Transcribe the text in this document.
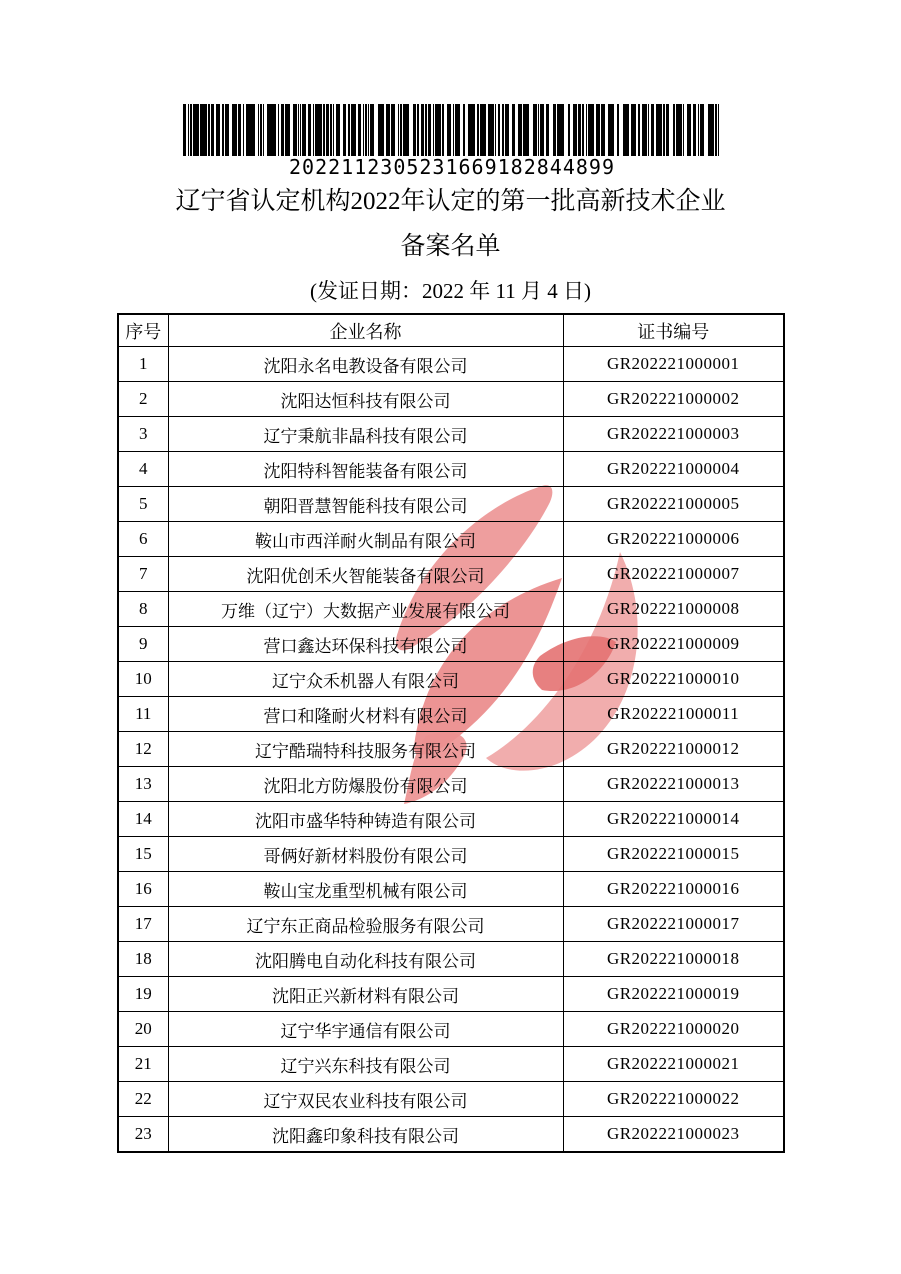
2022112305231669182844899
辽宁省认定机构2022年认定的第一批高新技术企业
备案名单
(发证日期：2022 年 11 月 4 日)
序号	企业名称	证书编号
1	沈阳永名电教设备有限公司	GR202221000001
2	沈阳达恒科技有限公司	GR202221000002
3	辽宁秉航非晶科技有限公司	GR202221000003
4	沈阳特科智能装备有限公司	GR202221000004
5	朝阳晋慧智能科技有限公司	GR202221000005
6	鞍山市西洋耐火制品有限公司	GR202221000006
7	沈阳优创禾火智能装备有限公司	GR202221000007
8	万维（辽宁）大数据产业发展有限公司	GR202221000008
9	营口鑫达环保科技有限公司	GR202221000009
10	辽宁众禾机器人有限公司	GR202221000010
11	营口和隆耐火材料有限公司	GR202221000011
12	辽宁酷瑞特科技服务有限公司	GR202221000012
13	沈阳北方防爆股份有限公司	GR202221000013
14	沈阳市盛华特种铸造有限公司	GR202221000014
15	哥俩好新材料股份有限公司	GR202221000015
16	鞍山宝龙重型机械有限公司	GR202221000016
17	辽宁东正商品检验服务有限公司	GR202221000017
18	沈阳腾电自动化科技有限公司	GR202221000018
19	沈阳正兴新材料有限公司	GR202221000019
20	辽宁华宇通信有限公司	GR202221000020
21	辽宁兴东科技有限公司	GR202221000021
22	辽宁双民农业科技有限公司	GR202221000022
23	沈阳鑫印象科技有限公司	GR202221000023
